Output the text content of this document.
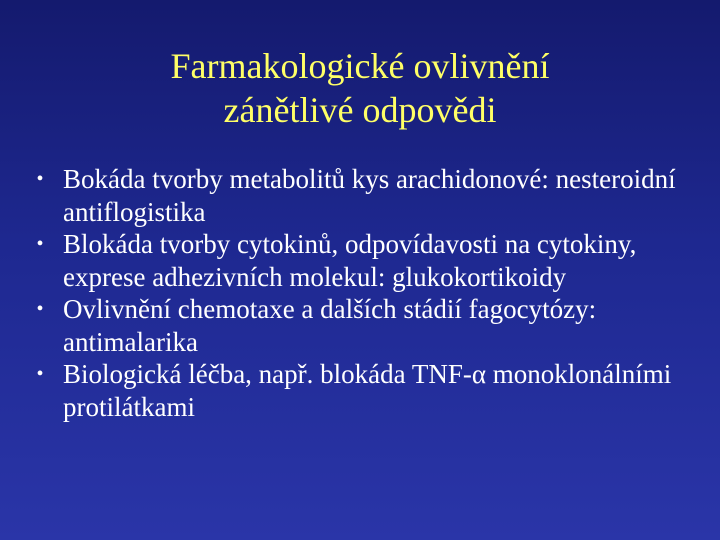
Farmakologické ovlivnění
zánětlivé odpovědi
• Bokáda tvorby metabolitů kys arachidonové: nesteroidní antiflogistika
• Blokáda tvorby cytokinů, odpovídavosti na cytokiny, exprese adhezivních molekul: glukokortikoidy
• Ovlivnění chemotaxe a dalších stádií fagocytózy: antimalarika
• Biologická léčba, např. blokáda TNF-α monoklonálními protilátkami
